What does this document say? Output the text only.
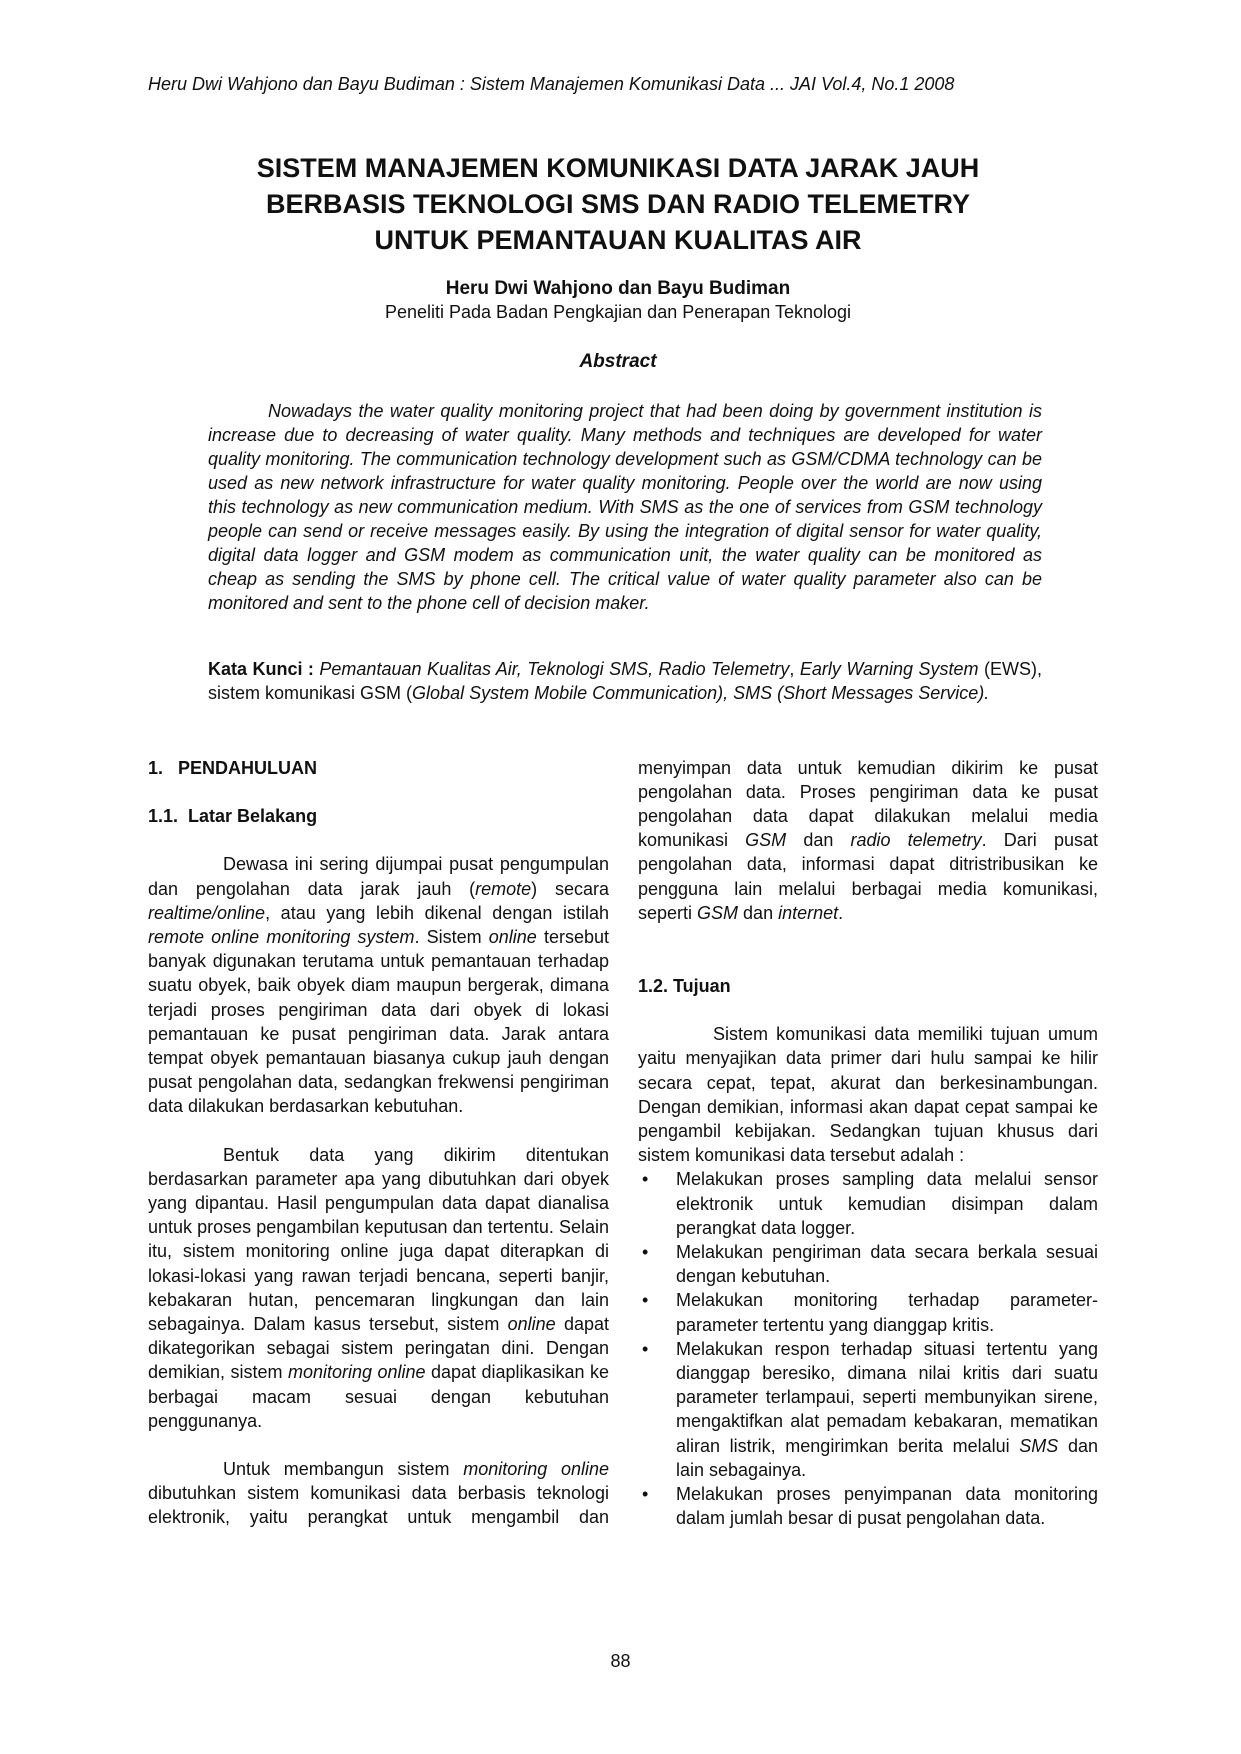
Heru Dwi Wahjono dan Bayu Budiman : Sistem Manajemen Komunikasi Data ... JAI Vol.4, No.1 2008
SISTEM MANAJEMEN KOMUNIKASI DATA JARAK JAUH
BERBASIS TEKNOLOGI SMS DAN RADIO TELEMETRY
UNTUK PEMANTAUAN KUALITAS AIR
Heru Dwi Wahjono dan Bayu Budiman
Peneliti Pada Badan Pengkajian dan Penerapan Teknologi
Abstract

Nowadays the water quality monitoring project that had been doing by government institution is increase due to decreasing of water quality. Many methods and techniques are developed for water quality monitoring. The communication technology development such as GSM/CDMA technology can be used as new network infrastructure for water quality monitoring. People over the world are now using this technology as new communication medium. With SMS as the one of services from GSM technology people can send or receive messages easily. By using the integration of digital sensor for water quality, digital data logger and GSM modem as communication unit, the water quality can be monitored as cheap as sending the SMS by phone cell. The critical value of water quality parameter also can be monitored and sent to the phone cell of decision maker.

Kata Kunci : Pemantauan Kualitas Air, Teknologi SMS, Radio Telemetry, Early Warning System (EWS), sistem komunikasi GSM (Global System Mobile Communication), SMS (Short Messages Service).

1.   PENDAHULUAN

1.1.  Latar Belakang

Dewasa ini sering dijumpai pusat pengumpulan dan pengolahan data jarak jauh (remote) secara realtime/online, atau yang lebih dikenal dengan istilah remote online monitoring system. Sistem online tersebut banyak digunakan terutama untuk pemantauan terhadap suatu obyek, baik obyek diam maupun bergerak, dimana terjadi proses pengiriman data dari obyek di lokasi pemantauan ke pusat pengiriman data. Jarak antara tempat obyek pemantauan biasanya cukup jauh dengan pusat pengolahan data, sedangkan frekwensi pengiriman data dilakukan berdasarkan kebutuhan.

Bentuk data yang dikirim ditentukan berdasarkan parameter apa yang dibutuhkan dari obyek yang dipantau. Hasil pengumpulan data dapat dianalisa untuk proses pengambilan keputusan dan tertentu. Selain itu, sistem monitoring online juga dapat diterapkan di lokasi-lokasi yang rawan terjadi bencana, seperti banjir, kebakaran hutan, pencemaran lingkungan dan lain sebagainya. Dalam kasus tersebut, sistem online dapat dikategorikan sebagai sistem peringatan dini. Dengan demikian, sistem monitoring online dapat diaplikasikan ke berbagai macam sesuai dengan kebutuhan penggunanya.

Untuk membangun sistem monitoring online dibutuhkan sistem komunikasi data berbasis teknologi elektronik, yaitu perangkat untuk mengambil dan

menyimpan data untuk kemudian dikirim ke pusat pengolahan data. Proses pengiriman data ke pusat pengolahan data dapat dilakukan melalui media komunikasi GSM dan radio telemetry. Dari pusat pengolahan data, informasi dapat ditristribusikan ke pengguna lain melalui berbagai media komunikasi, seperti GSM dan internet.

1.2. Tujuan

Sistem komunikasi data memiliki tujuan umum yaitu menyajikan data primer dari hulu sampai ke hilir secara cepat, tepat, akurat dan berkesinambungan. Dengan demikian, informasi akan dapat cepat sampai ke pengambil kebijakan. Sedangkan tujuan khusus dari sistem komunikasi data tersebut adalah :

• Melakukan proses sampling data melalui sensor elektronik untuk kemudian disimpan dalam perangkat data logger.
• Melakukan pengiriman data secara berkala sesuai dengan kebutuhan.
• Melakukan monitoring terhadap parameter-parameter tertentu yang dianggap kritis.
• Melakukan respon terhadap situasi tertentu yang dianggap beresiko, dimana nilai kritis dari suatu parameter terlampaui, seperti membunyikan sirene, mengaktifkan alat pemadam kebakaran, mematikan aliran listrik, mengirimkan berita melalui SMS dan lain sebagainya.
• Melakukan proses penyimpanan data monitoring dalam jumlah besar di pusat pengolahan data.
88
